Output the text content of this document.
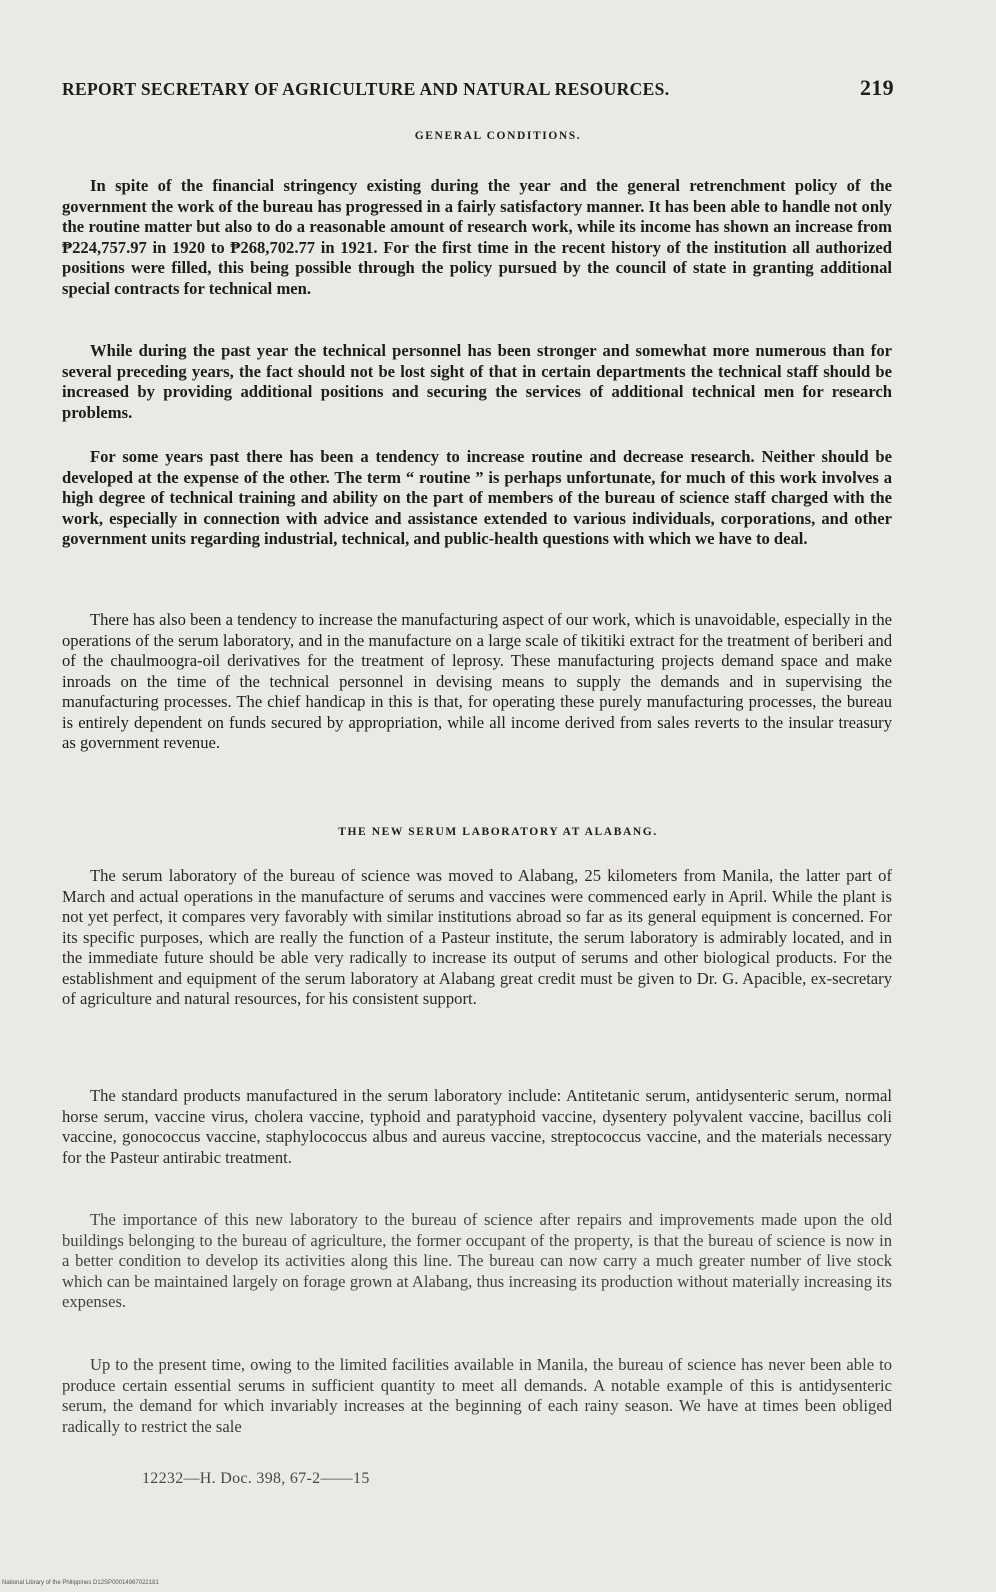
REPORT SECRETARY OF AGRICULTURE AND NATURAL RESOURCES.	219
GENERAL CONDITIONS.

In spite of the financial stringency existing during the year and the general retrenchment policy of the government the work of the bureau has progressed in a fairly satisfactory manner. It has been able to handle not only the routine matter but also to do a reasonable amount of research work, while its income has shown an increase from ₱224,757.97 in 1920 to ₱268,702.77 in 1921. For the first time in the recent history of the institution all authorized positions were filled, this being possible through the policy pursued by the council of state in granting additional special contracts for technical men.

While during the past year the technical personnel has been stronger and somewhat more numerous than for several preceding years, the fact should not be lost sight of that in certain departments the technical staff should be increased by providing additional positions and securing the services of additional technical men for research problems.

For some years past there has been a tendency to increase routine and decrease research. Neither should be developed at the expense of the other. The term “ routine ” is perhaps unfortunate, for much of this work involves a high degree of technical training and ability on the part of members of the bureau of science staff charged with the work, especially in connection with advice and assistance extended to various individuals, corporations, and other government units regarding industrial, technical, and public-health questions with which we have to deal.

There has also been a tendency to increase the manufacturing aspect of our work, which is unavoidable, especially in the operations of the serum laboratory, and in the manufacture on a large scale of tikitiki extract for the treatment of beriberi and of the chaulmoogra-oil derivatives for the treatment of leprosy. These manufacturing projects demand space and make inroads on the time of the technical personnel in devising means to supply the demands and in supervising the manufacturing processes. The chief handicap in this is that, for operating these purely manufacturing processes, the bureau is entirely dependent on funds secured by appropriation, while all income derived from sales reverts to the insular treasury as government revenue.

THE NEW SERUM LABORATORY AT ALABANG.

The serum laboratory of the bureau of science was moved to Alabang, 25 kilometers from Manila, the latter part of March and actual operations in the manufacture of serums and vaccines were commenced early in April. While the plant is not yet perfect, it compares very favorably with similar institutions abroad so far as its general equipment is concerned. For its specific purposes, which are really the function of a Pasteur institute, the serum laboratory is admirably located, and in the immediate future should be able very radically to increase its output of serums and other biological products. For the establishment and equipment of the serum laboratory at Alabang great credit must be given to Dr. G. Apacible, ex-secretary of agriculture and natural resources, for his consistent support.

The standard products manufactured in the serum laboratory include: Antitetanic serum, antidysenteric serum, normal horse serum, vaccine virus, cholera vaccine, typhoid and paratyphoid vaccine, dysentery polyvalent vaccine, bacillus coli vaccine, gonococcus vaccine, staphylococcus albus and aureus vaccine, streptococcus vaccine, and the materials necessary for the Pasteur antirabic treatment.

The importance of this new laboratory to the bureau of science after repairs and improvements made upon the old buildings belonging to the bureau of agriculture, the former occupant of the property, is that the bureau of science is now in a better condition to develop its activities along this line. The bureau can now carry a much greater number of live stock which can be maintained largely on forage grown at Alabang, thus increasing its production without materially increasing its expenses.

Up to the present time, owing to the limited facilities available in Manila, the bureau of science has never been able to produce certain essential serums in sufficient quantity to meet all demands. A notable example of this is antidysenteric serum, the demand for which invariably increases at the beginning of each rainy season. We have at times been obliged radically to restrict the sale

12232—H. Doc. 398, 67-2——15
National Library of the Philippines D12SP00014967022181
